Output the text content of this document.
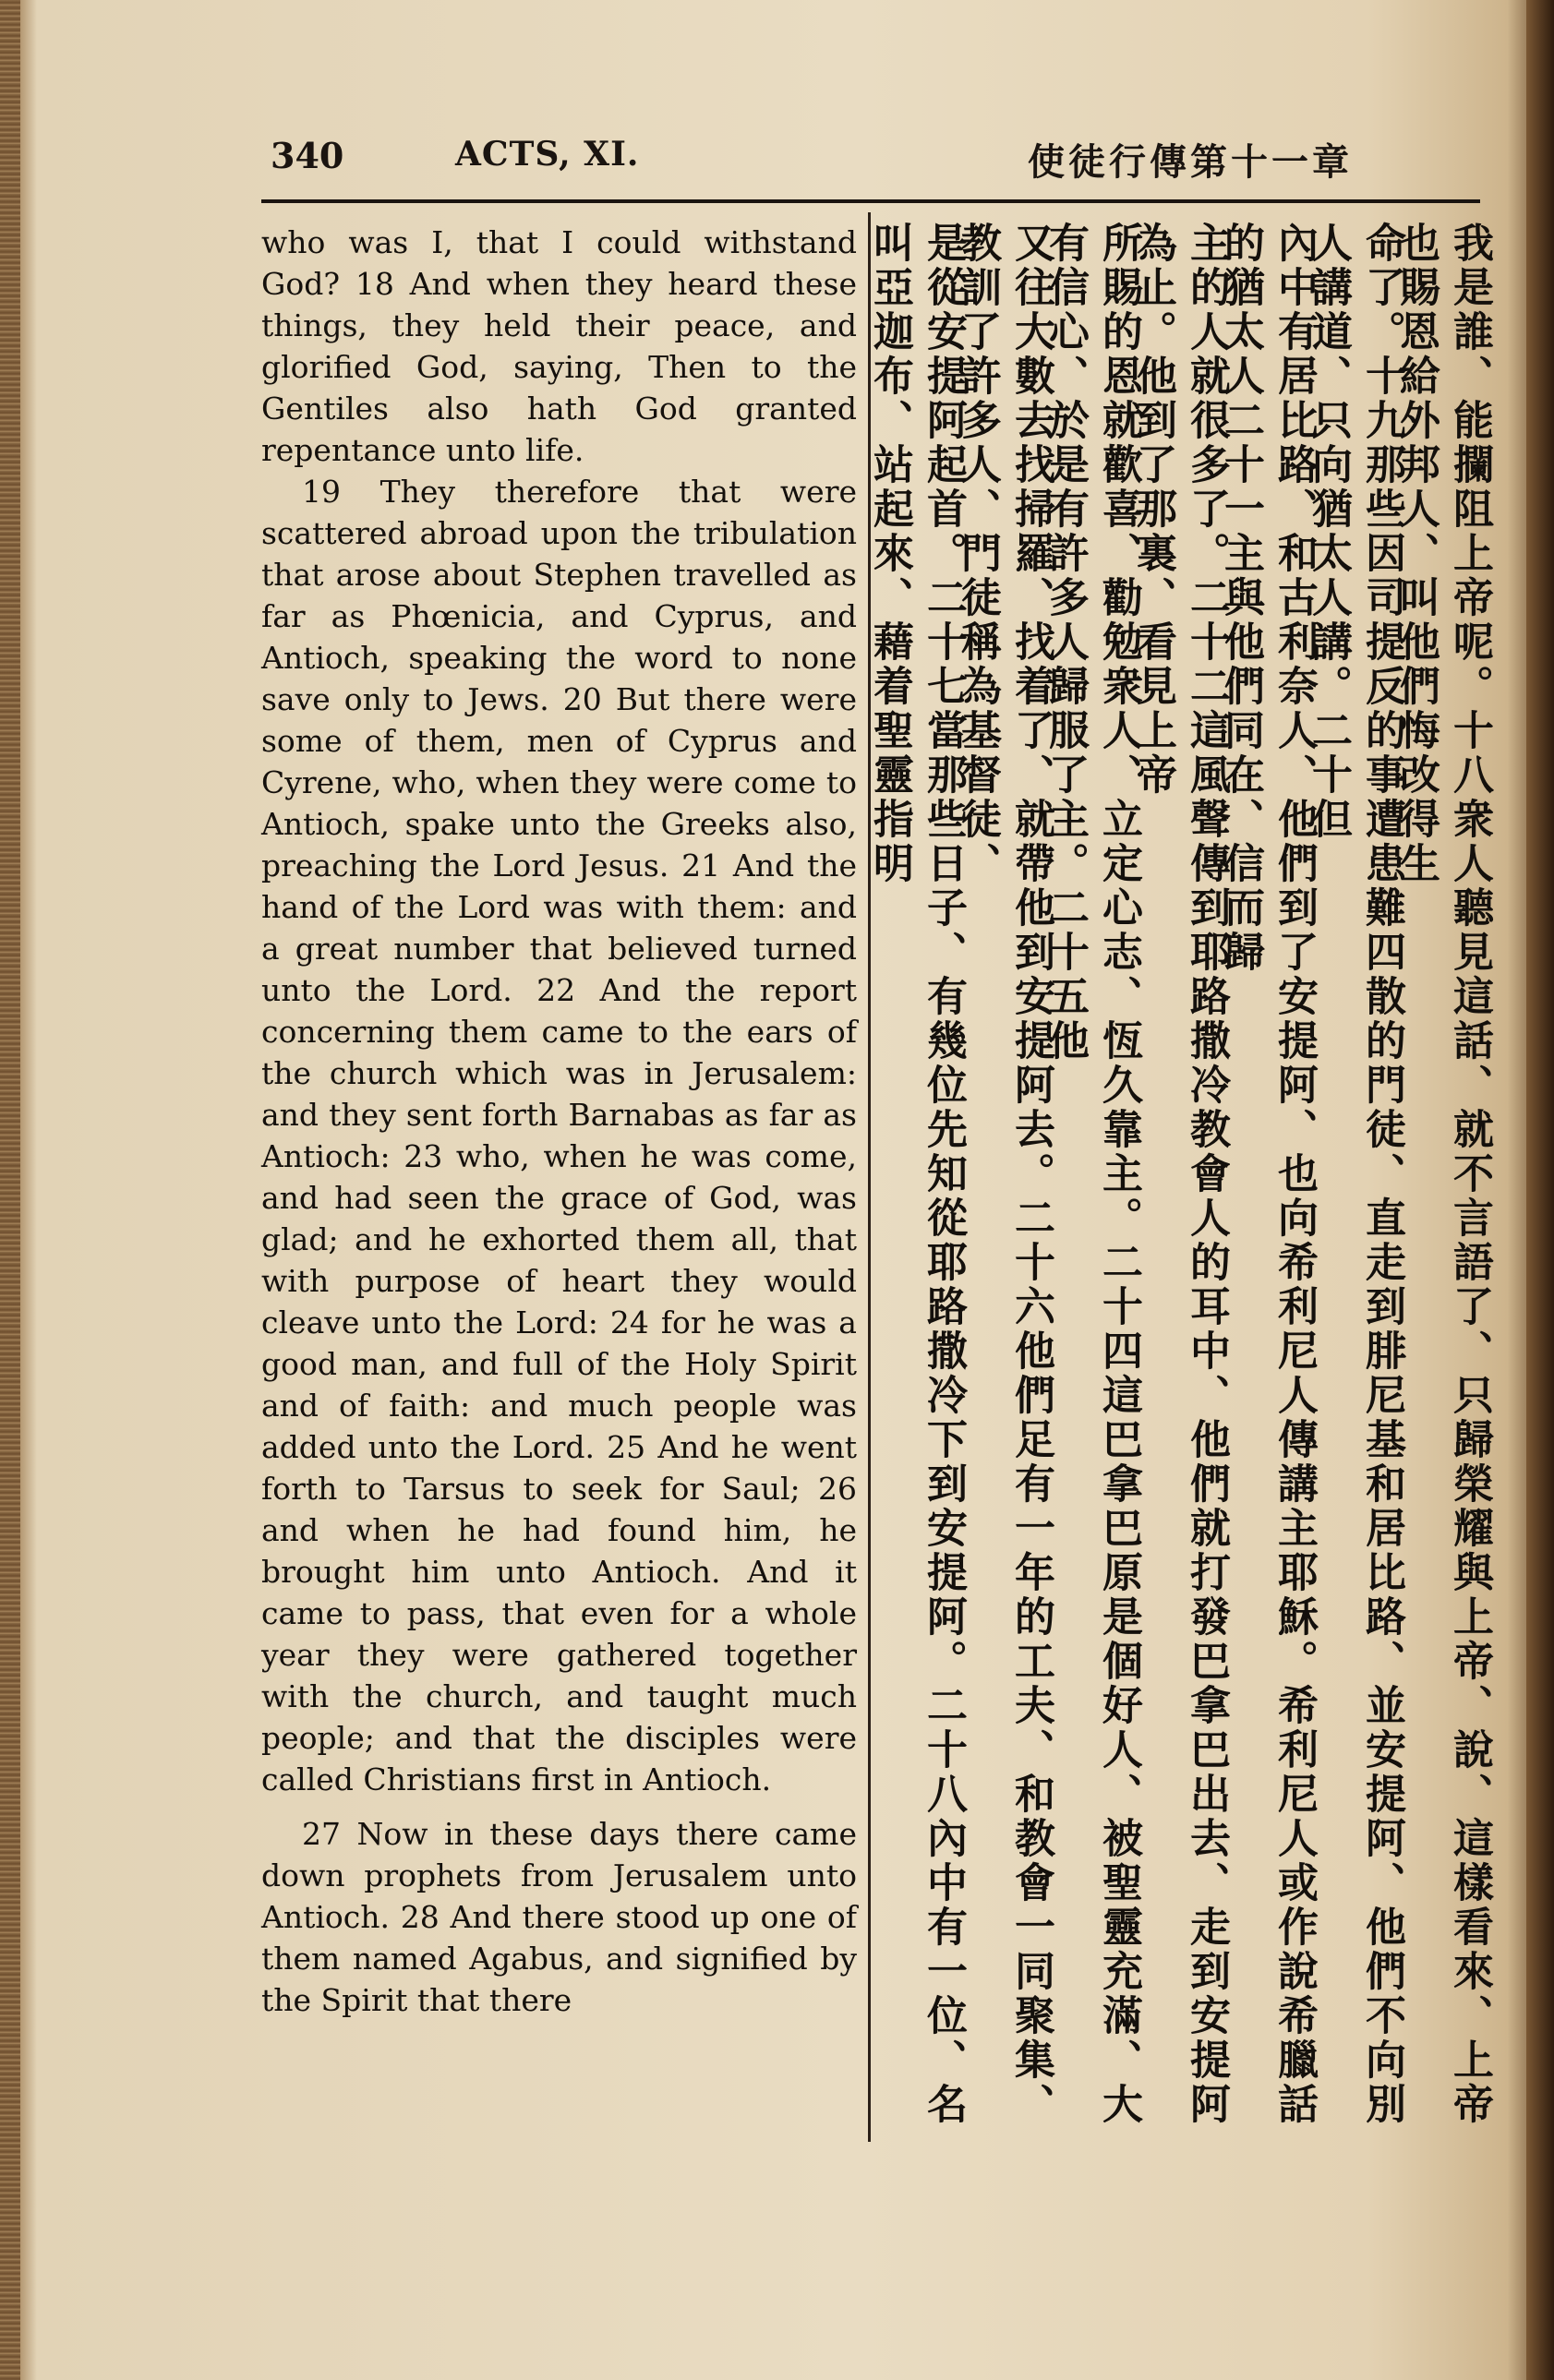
340	ACTS, XI.	使徒行傳第十一章

who was I, that I could withstand God? 18 And when they heard these things, they held their peace, and glorified God, saying, Then to the Gentiles also hath God granted repentance unto life.

19 They therefore that were scattered abroad upon the tribulation that arose about Stephen travelled as far as Phœnicia, and Cyprus, and Antioch, speaking the word to none save only to Jews. 20 But there were some of them, men of Cyprus and Cyrene, who, when they were come to Antioch, spake unto the Greeks also, preaching the Lord Jesus. 21 And the hand of the Lord was with them: and a great number that believed turned unto the Lord. 22 And the report concerning them came to the ears of the church which was in Jerusalem: and they sent forth Barnabas as far as Antioch: 23 who, when he was come, and had seen the grace of God, was glad; and he exhorted them all, that with purpose of heart they would cleave unto the Lord: 24 for he was a good man, and full of the Holy Spirit and of faith: and much people was added unto the Lord. 25 And he went forth to Tarsus to seek for Saul; 26 and when he had found him, he brought him unto Antioch. And it came to pass, that even for a whole year they were gathered together with the church, and taught much people; and that the disciples were called Christians first in Antioch.

27 Now in these days there came down prophets from Jerusalem unto Antioch. 28 And there stood up one of them named Agabus, and signified by the Spirit that there	我是誰、能攔阻上帝呢。十八衆人聽見這話、就不言語了、只歸榮耀與上帝、說、這樣看來、上帝也賜恩給外邦人、叫他們悔改得生
命了。十九那些因司提反的事遭患難四散的門徒、直走到腓尼基和居比路、並安提阿、他們不向別人講道、只向猶太人講。二十但
內中有居比路、和古利奈人、他們到了安提阿、也向希利尼人傳講主耶穌。希利尼人或作說希臘話的猶太人二十一主與他們同在、信而歸
主的人就很多了。二十二這風聲傳到耶路撒冷教會人的耳中、他們就打發巴拿巴出去、走到安提阿為止。他到了那裏、看見上帝
所賜的恩就歡喜、勸勉衆人、立定心志、恆久靠主。二十四這巴拿巴原是個好人、被聖靈充滿、大有信心、於是有許多人歸服了主。二十五他
又往大數去找掃羅、找着了、就帶他到安提阿去。二十六他們足有一年的工夫、和教會一同聚集、教訓了許多人、門徒稱為基督徒、
是從安提阿起首。二十七當那些日子、有幾位先知從耶路撒冷下到安提阿。二十八內中有一位、名叫亞迦布、站起來、藉着聖靈指明
